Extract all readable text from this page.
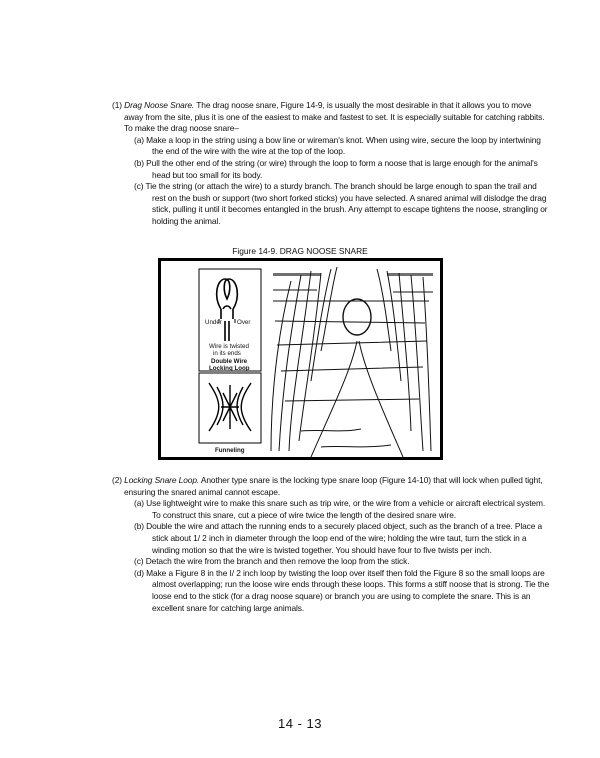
(1) Drag Noose Snare. The drag noose snare, Figure 14-9, is usually the most desirable in that it allows you to move away from the site, plus it is one of the easiest to make and fastest to set. It is especially suitable for catching rabbits. To make the drag noose snare–
(a) Make a loop in the string using a bow line or wireman's knot. When using wire, secure the loop by intertwining the end of the wire with the wire at the top of the loop.
(b) Pull the other end of the string (or wire) through the loop to form a noose that is large enough for the animal's head but too small for its body.
(c) Tie the string (or attach the wire) to a sturdy branch. The branch should be large enough to span the trail and rest on the bush or support (two short forked sticks) you have selected. A snared animal will dislodge the drag stick, pulling it until it becomes entangled in the brush. Any attempt to escape tightens the noose, strangling or holding the animal.
Figure 14-9. DRAG NOOSE SNARE
Under Over
Wire is twisted
in its ends
Double Wire
Locking Loop
Funneling
(2) Locking Snare Loop. Another type snare is the locking type snare loop (Figure 14-10) that will lock when pulled tight, ensuring the snared animal cannot escape.
(a) Use lightweight wire to make this snare such as trip wire, or the wire from a vehicle or aircraft electrical system. To construct this snare, cut a piece of wire twice the length of the desired snare wire.
(b) Double the wire and attach the running ends to a securely placed object, such as the branch of a tree. Place a stick about 1/ 2 inch in diameter through the loop end of the wire; holding the wire taut, turn the stick in a winding motion so that the wire is twisted together. You should have four to five twists per inch.
(c) Detach the wire from the branch and then remove the loop from the stick.
(d) Make a Figure 8 in the I/ 2 inch loop by twisting the loop over itself then fold the Figure 8 so the small loops are almost overlapping; run the loose wire ends through these loops. This forms a stiff noose that is strong. Tie the loose end to the stick (for a drag noose square) or branch you are using to complete the snare. This is an excellent snare for catching large animals.
14 - 13
